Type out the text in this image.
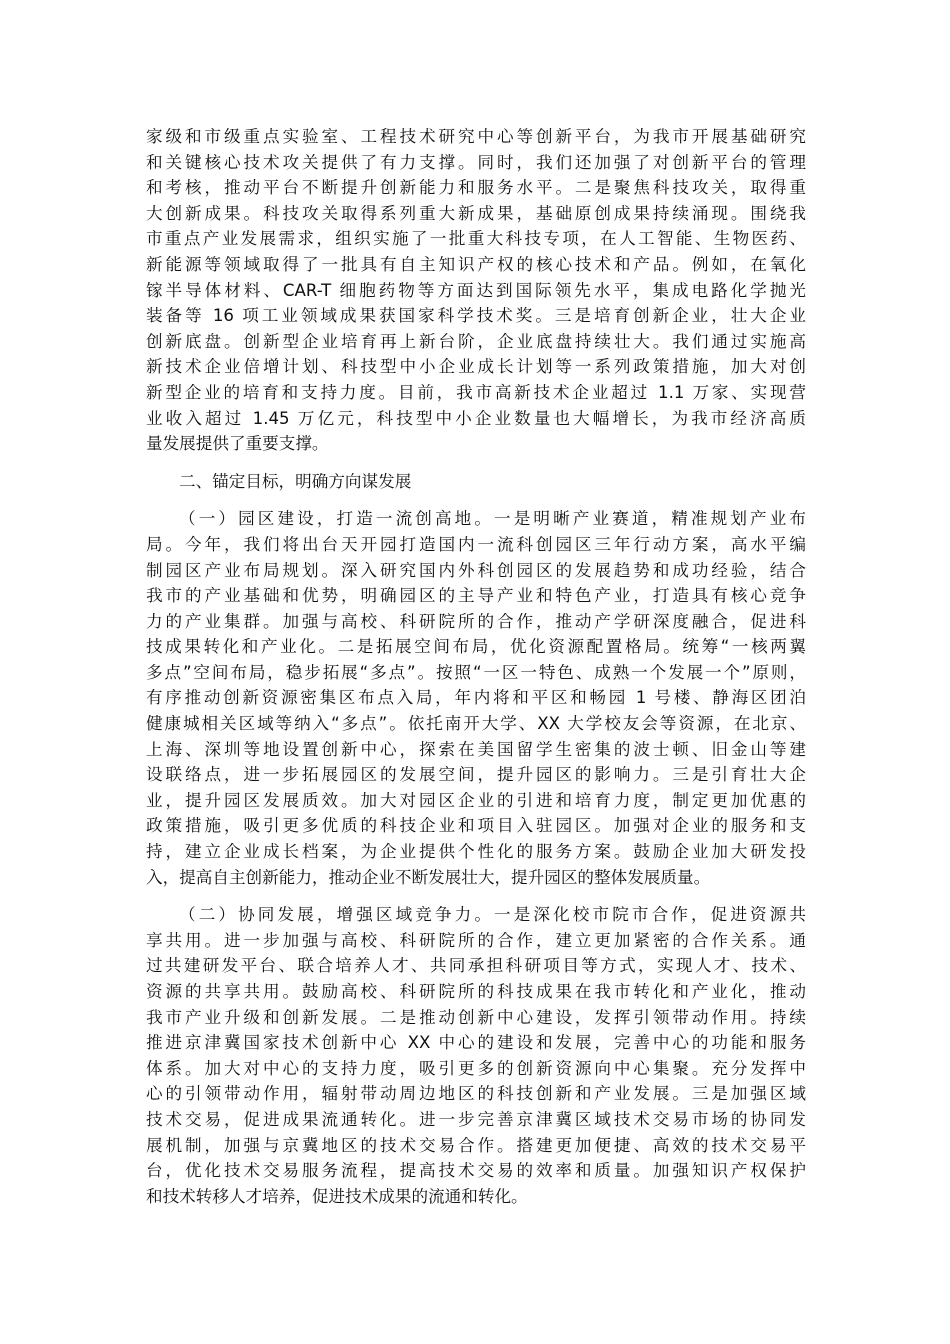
家级和市级重点实验室、工程技术研究中心等创新平台，为我市开展基础研究
和关键核心技术攻关提供了有力支撑。同时，我们还加强了对创新平台的管理
和考核，推动平台不断提升创新能力和服务水平。二是聚焦科技攻关，取得重
大创新成果。科技攻关取得系列重大新成果，基础原创成果持续涌现。围绕我
市重点产业发展需求，组织实施了一批重大科技专项，在人工智能、生物医药、
新能源等领域取得了一批具有自主知识产权的核心技术和产品。例如，在氧化
镓半导体材料、CAR-T 细胞药物等方面达到国际领先水平，集成电路化学抛光
装备等 16 项工业领域成果获国家科学技术奖。三是培育创新企业，壮大企业
创新底盘。创新型企业培育再上新台阶，企业底盘持续壮大。我们通过实施高
新技术企业倍增计划、科技型中小企业成长计划等一系列政策措施，加大对创
新型企业的培育和支持力度。目前，我市高新技术企业超过 1.1 万家、实现营
业收入超过 1.45 万亿元，科技型中小企业数量也大幅增长，为我市经济高质
量发展提供了重要支撑。
二、锚定目标，明确方向谋发展
（一）园区建设，打造一流创高地。一是明晰产业赛道，精准规划产业布
局。今年，我们将出台天开园打造国内一流科创园区三年行动方案，高水平编
制园区产业布局规划。深入研究国内外科创园区的发展趋势和成功经验，结合
我市的产业基础和优势，明确园区的主导产业和特色产业，打造具有核心竞争
力的产业集群。加强与高校、科研院所的合作，推动产学研深度融合，促进科
技成果转化和产业化。二是拓展空间布局，优化资源配置格局。统筹“一核两翼
多点”空间布局，稳步拓展“多点”。按照“一区一特色、成熟一个发展一个”原则，
有序推动创新资源密集区布点入局，年内将和平区和畅园 1 号楼、静海区团泊
健康城相关区域等纳入“多点”。依托南开大学、XX 大学校友会等资源，在北京、
上海、深圳等地设置创新中心，探索在美国留学生密集的波士顿、旧金山等建
设联络点，进一步拓展园区的发展空间，提升园区的影响力。三是引育壮大企
业，提升园区发展质效。加大对园区企业的引进和培育力度，制定更加优惠的
政策措施，吸引更多优质的科技企业和项目入驻园区。加强对企业的服务和支
持，建立企业成长档案，为企业提供个性化的服务方案。鼓励企业加大研发投
入，提高自主创新能力，推动企业不断发展壮大，提升园区的整体发展质量。
（二）协同发展，增强区域竞争力。一是深化校市院市合作，促进资源共
享共用。进一步加强与高校、科研院所的合作，建立更加紧密的合作关系。通
过共建研发平台、联合培养人才、共同承担科研项目等方式，实现人才、技术、
资源的共享共用。鼓励高校、科研院所的科技成果在我市转化和产业化，推动
我市产业升级和创新发展。二是推动创新中心建设，发挥引领带动作用。持续
推进京津冀国家技术创新中心 XX 中心的建设和发展，完善中心的功能和服务
体系。加大对中心的支持力度，吸引更多的创新资源向中心集聚。充分发挥中
心的引领带动作用，辐射带动周边地区的科技创新和产业发展。三是加强区域
技术交易，促进成果流通转化。进一步完善京津冀区域技术交易市场的协同发
展机制，加强与京冀地区的技术交易合作。搭建更加便捷、高效的技术交易平
台，优化技术交易服务流程，提高技术交易的效率和质量。加强知识产权保护
和技术转移人才培养，促进技术成果的流通和转化。
